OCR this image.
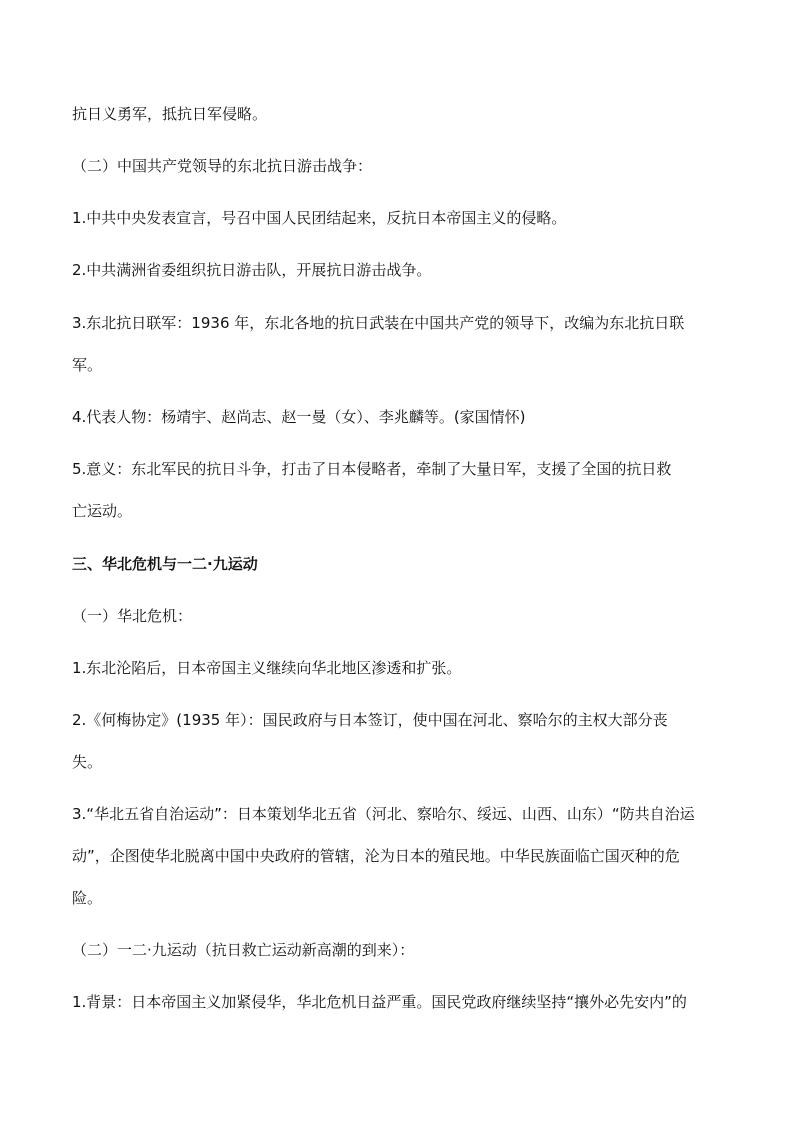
抗日义勇军，抵抗日军侵略。

（二）中国共产党领导的东北抗日游击战争：

1.中共中央发表宣言，号召中国人民团结起来，反抗日本帝国主义的侵略。

2.中共满洲省委组织抗日游击队，开展抗日游击战争。

3.东北抗日联军：1936 年，东北各地的抗日武装在中国共产党的领导下，改编为东北抗日联

军。

4.代表人物：杨靖宇、赵尚志、赵一曼（女）、李兆麟等。(家国情怀)

5.意义：东北军民的抗日斗争，打击了日本侵略者，牵制了大量日军，支援了全国的抗日救

亡运动。

三、华北危机与一二·九运动

（一）华北危机：

1.东北沦陷后，日本帝国主义继续向华北地区渗透和扩张。

2.《何梅协定》(1935 年）：国民政府与日本签订，使中国在河北、察哈尔的主权大部分丧

失。

3.“华北五省自治运动”：日本策划华北五省（河北、察哈尔、绥远、山西、山东）“防共自治运

动”，企图使华北脱离中国中央政府的管辖，沦为日本的殖民地。中华民族面临亡国灭种的危

险。

（二）一二·九运动（抗日救亡运动新高潮的到来）：

1.背景：日本帝国主义加紧侵华，华北危机日益严重。国民党政府继续坚持“攘外必先安内”的
